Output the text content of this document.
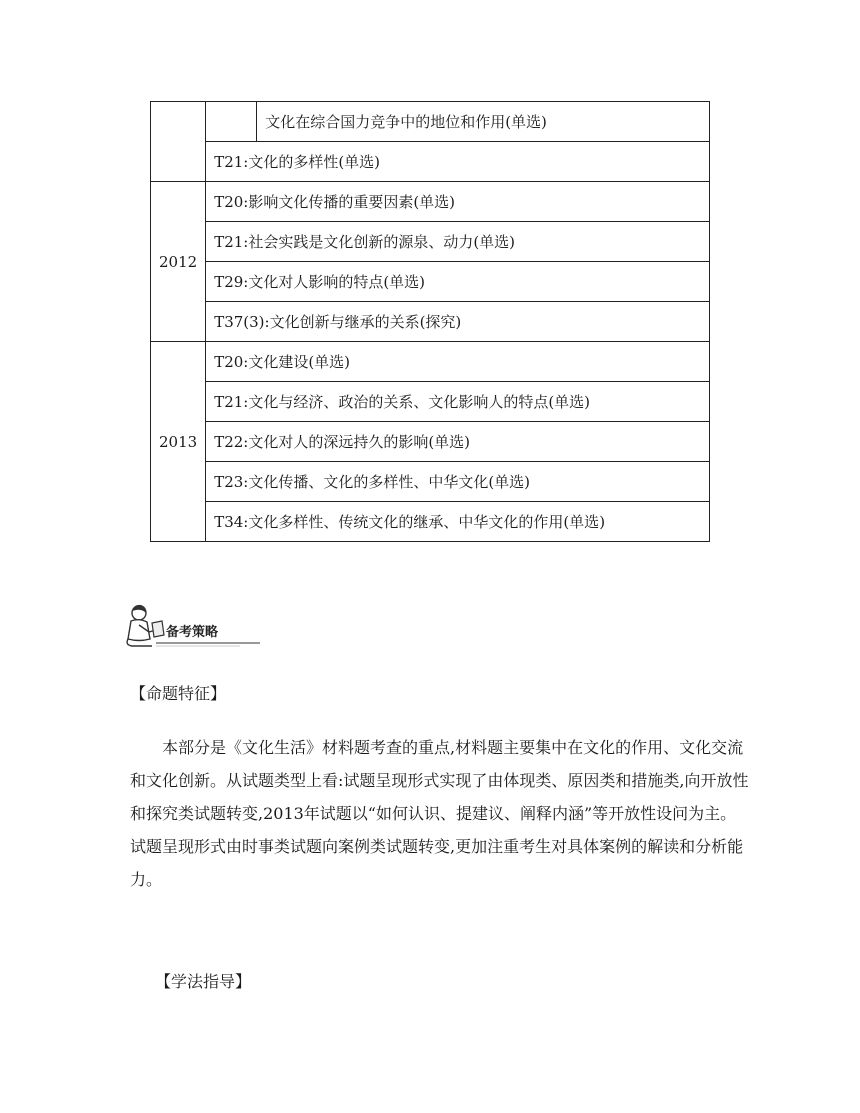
		文化在综合国力竞争中的地位和作用(单选)
	T21:文化的多样性(单选)	
2012	T20:影响文化传播的重要因素(单选)	
	T21:社会实践是文化创新的源泉、动力(单选)	
	T29:文化对人影响的特点(单选)	
	T37(3):文化创新与继承的关系(探究)	
2013	T20:文化建设(单选)	
	T21:文化与经济、政治的关系、文化影响人的特点(单选)	
	T22:文化对人的深远持久的影响(单选)	
	T23:文化传播、文化的多样性、中华文化(单选)	
	T34:文化多样性、传统文化的继承、中华文化的作用(单选)	
备考策略
【命题特征】

本部分是《文化生活》材料题考查的重点,材料题主要集中在文化的作用、文化交流和文化创新。从试题类型上看:试题呈现形式实现了由体现类、原因类和措施类,向开放性和探究类试题转变,2013年试题以“如何认识、提建议、阐释内涵”等开放性设问为主。试题呈现形式由时事类试题向案例类试题转变,更加注重考生对具体案例的解读和分析能力。

【学法指导】
